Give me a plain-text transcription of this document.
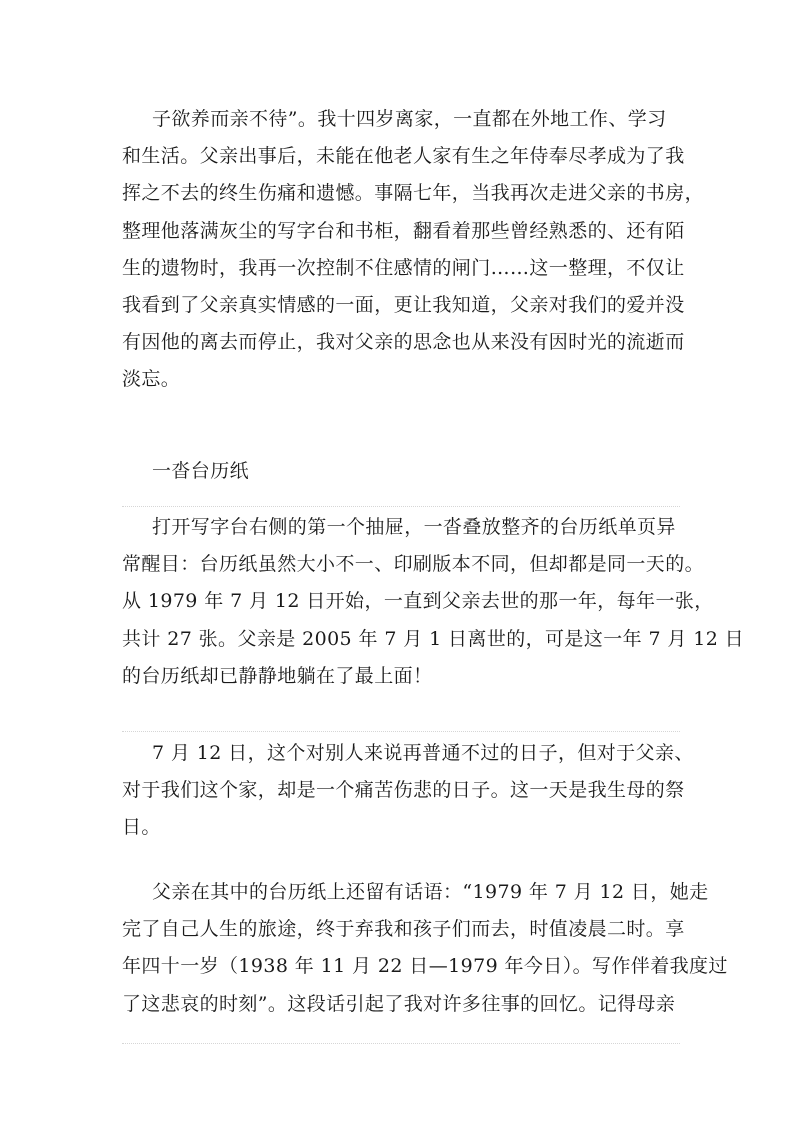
子欲养而亲不待”。我十四岁离家，一直都在外地工作、学习
和生活。父亲出事后，未能在他老人家有生之年侍奉尽孝成为了我
挥之不去的终生伤痛和遗憾。事隔七年，当我再次走进父亲的书房，
整理他落满灰尘的写字台和书柜，翻看着那些曾经熟悉的、还有陌
生的遗物时，我再一次控制不住感情的闸门……这一整理，不仅让
我看到了父亲真实情感的一面，更让我知道，父亲对我们的爱并没
有因他的离去而停止，我对父亲的思念也从来没有因时光的流逝而
淡忘。

一沓台历纸

打开写字台右侧的第一个抽屉，一沓叠放整齐的台历纸单页异
常醒目：台历纸虽然大小不一、印刷版本不同，但却都是同一天的。
从 1979 年 7 月 12 日开始，一直到父亲去世的那一年，每年一张，
共计 27 张。父亲是 2005 年 7 月 1 日离世的，可是这一年 7 月 12 日
的台历纸却已静静地躺在了最上面！

7 月 12 日，这个对别人来说再普通不过的日子，但对于父亲、
对于我们这个家，却是一个痛苦伤悲的日子。这一天是我生母的祭
日。

父亲在其中的台历纸上还留有话语：“1979 年 7 月 12 日，她走
完了自己人生的旅途，终于弃我和孩子们而去，时值凌晨二时。享
年四十一岁（1938 年 11 月 22 日—1979 年今日）。写作伴着我度过
了这悲哀的时刻”。这段话引起了我对许多往事的回忆。记得母亲
